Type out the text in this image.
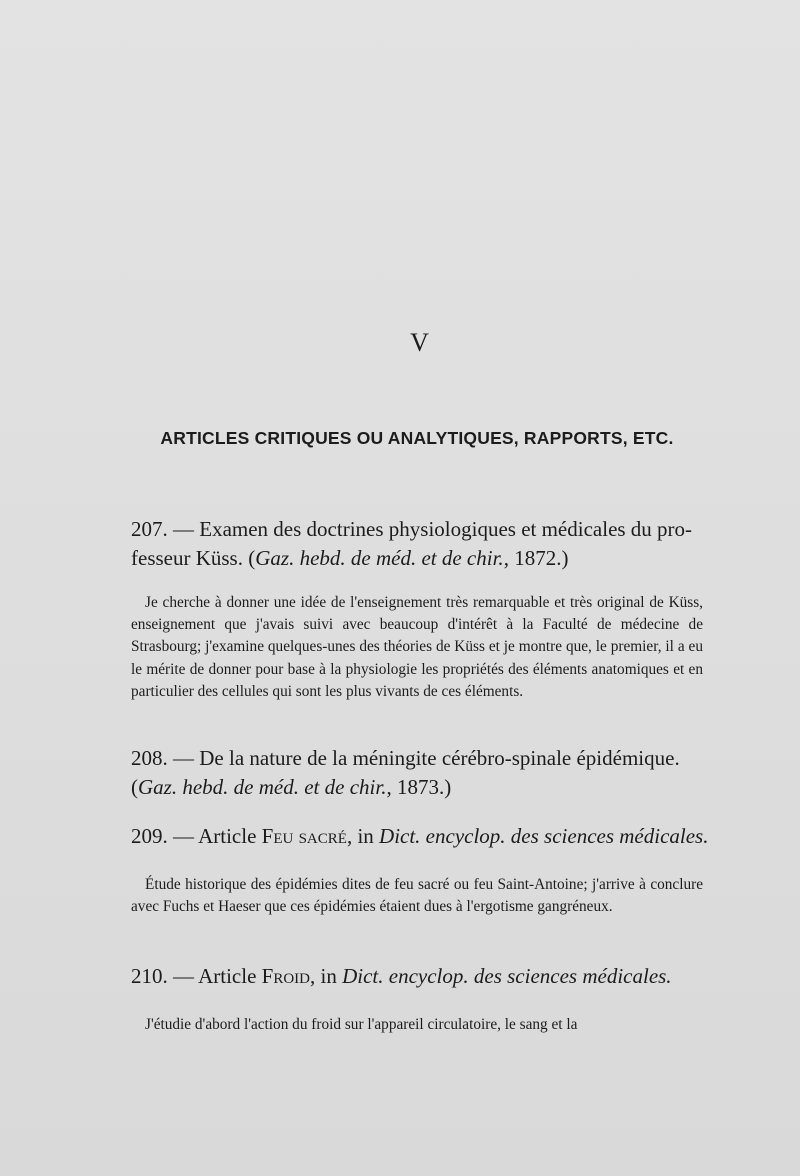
V
ARTICLES CRITIQUES OU ANALYTIQUES, RAPPORTS, ETC.
207. — Examen des doctrines physiologiques et médicales du pro-
fesseur Küss. (Gaz. hebd. de méd. et de chir., 1872.)
Je cherche à donner une idée de l'enseignement très remarquable et très original de Küss, enseignement que j'avais suivi avec beaucoup d'intérêt à la Faculté de médecine de Strasbourg; j'examine quelques-unes des théories de Küss et je montre que, le premier, il a eu le mérite de donner pour base à la physiologie les propriétés des éléments anatomiques et en particulier des cellules qui sont les plus vivants de ces éléments.
208. — De la nature de la méningite cérébro-spinale épidémique.
(Gaz. hebd. de méd. et de chir., 1873.)
209. — Article Feu sacré, in Dict. encyclop. des sciences médicales.
Étude historique des épidémies dites de feu sacré ou feu Saint-Antoine; j'arrive à conclure avec Fuchs et Haeser que ces épidémies étaient dues à l'ergotisme gangréneux.
210. — Article Froid, in Dict. encyclop. des sciences médicales.
J'étudie d'abord l'action du froid sur l'appareil circulatoire, le sang et la
